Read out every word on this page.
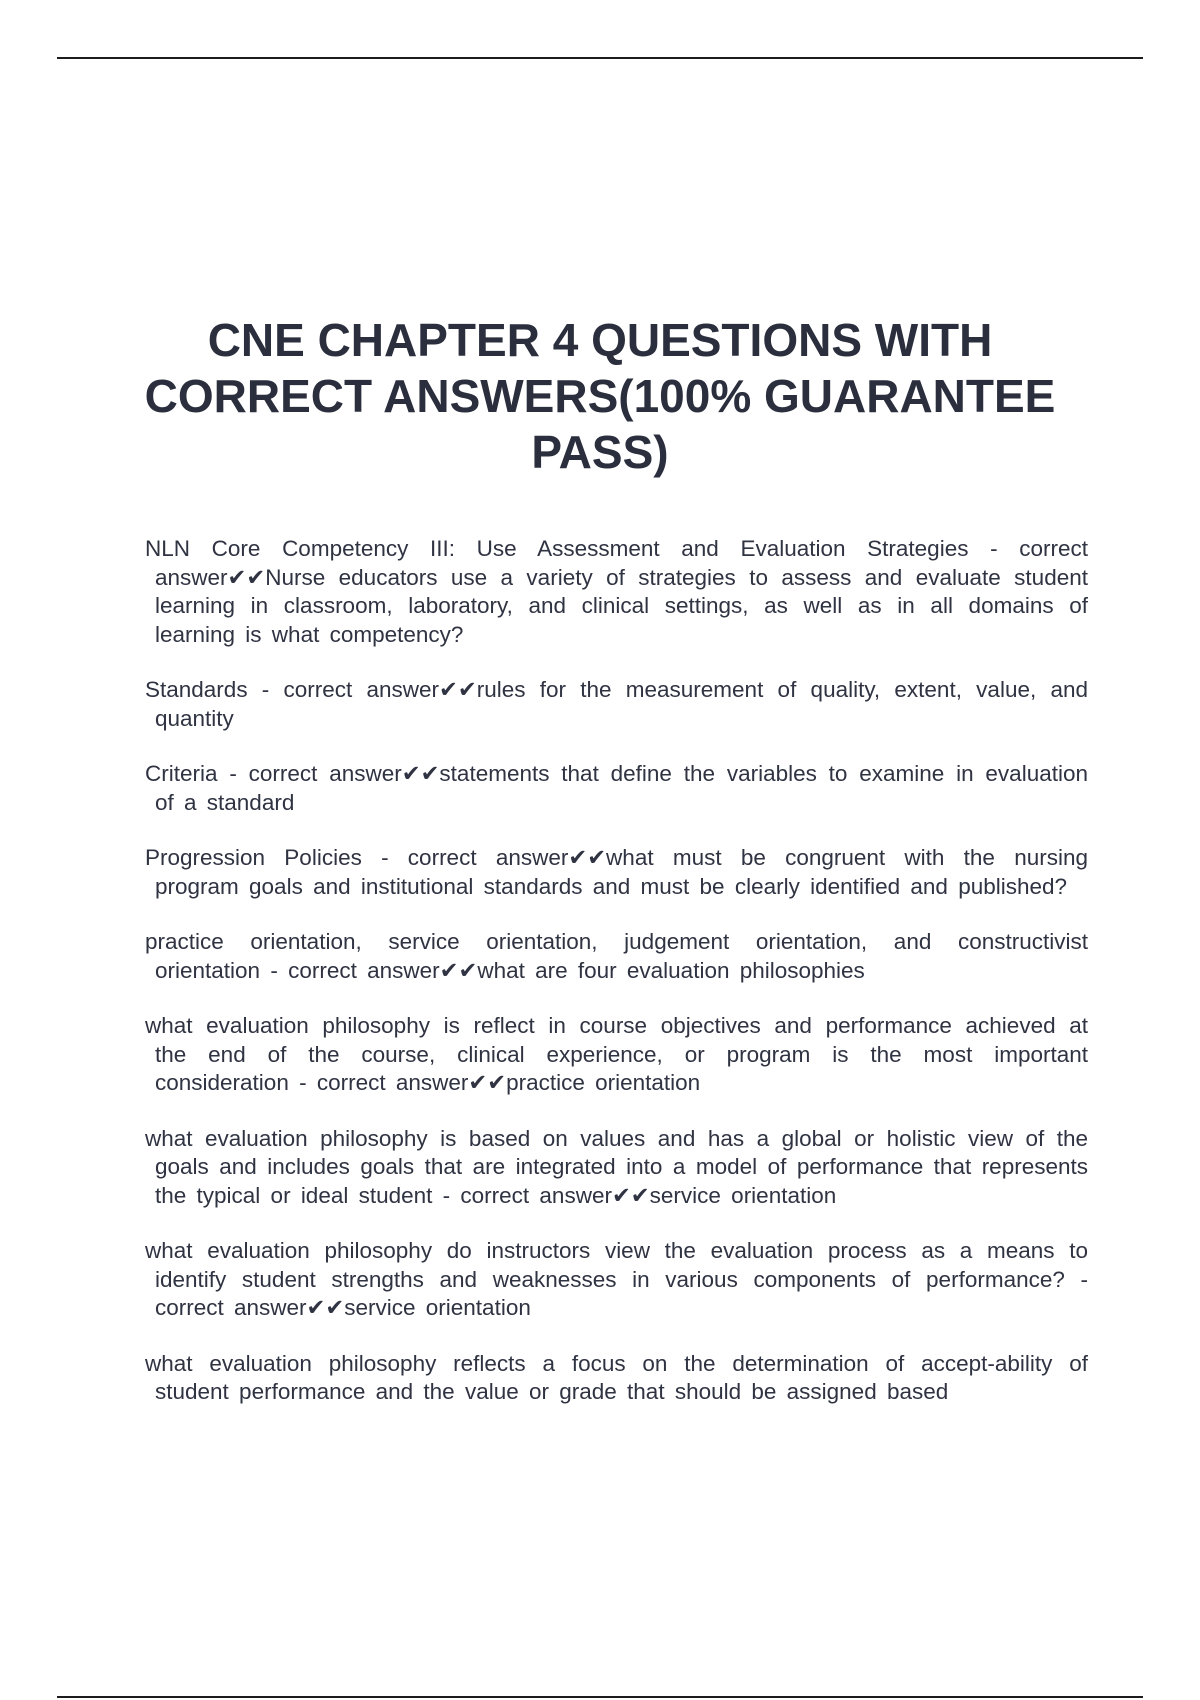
CNE CHAPTER 4 QUESTIONS WITH CORRECT ANSWERS(100% GUARANTEE PASS)

NLN Core Competency III: Use Assessment and Evaluation Strategies - correct answer✔✔Nurse educators use a variety of strategies to assess and evaluate student learning in classroom, laboratory, and clinical settings, as well as in all domains of learning is what competency?

Standards - correct answer✔✔rules for the measurement of quality, extent, value, and quantity

Criteria - correct answer✔✔statements that define the variables to examine in evaluation of a standard

Progression Policies - correct answer✔✔what must be congruent with the nursing program goals and institutional standards and must be clearly identified and published?

practice orientation, service orientation, judgement orientation, and constructivist orientation - correct answer✔✔what are four evaluation philosophies

what evaluation philosophy is reflect in course objectives and performance achieved at the end of the course, clinical experience, or program is the most important consideration - correct answer✔✔practice orientation

what evaluation philosophy is based on values and has a global or holistic view of the goals and includes goals that are integrated into a model of performance that represents the typical or ideal student - correct answer✔✔service orientation

what evaluation philosophy do instructors view the evaluation process as a means to identify student strengths and weaknesses in various components of performance? - correct answer✔✔service orientation

what evaluation philosophy reflects a focus on the determination of accept-ability of student performance and the value or grade that should be assigned based
